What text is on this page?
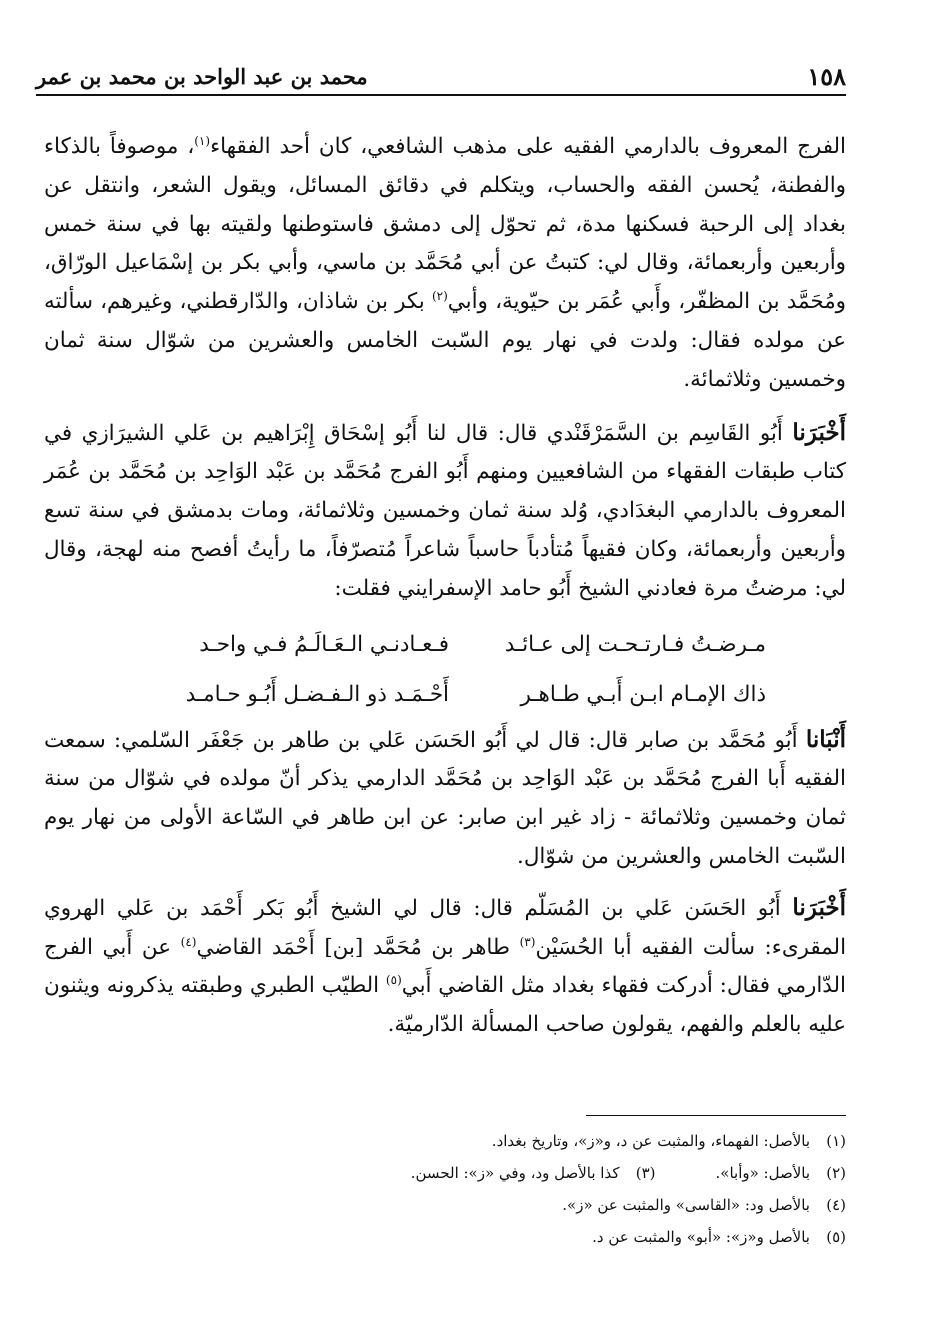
١٥٨
محمد بن عبد الواحد بن محمد بن عمر

الفرج المعروف بالدارمي الفقيه على مذهب الشافعي، كان أحد الفقهاء$^{(١)}$، موصوفاً بالذكاء والفطنة، يُحسن الفقه والحساب، ويتكلم في دقائق المسائل، ويقول الشعر، وانتقل عن بغداد إلى الرحبة فسكنها مدة، ثم تحوّل إلى دمشق فاستوطنها ولقيته بها في سنة خمس وأربعين وأربعمائة، وقال لي: كتبتُ عن أبي مُحَمَّد بن ماسي، وأبي بكر بن إسْمَاعيل الورّاق، ومُحَمَّد بن المظفّر، وأَبي عُمَر بن حيّوية، وأبي$^{(٢)}$ بكر بن شاذان، والدّارقطني، وغيرهم، سألته عن مولده فقال: ولدت في نهار يوم السّبت الخامس والعشرين من شوّال سنة ثمان وخمسين وثلاثمائة.

أَخْبَرَنا أَبُو القَاسِم بن السَّمَرْقَنْدي قال: قال لنا أَبُو إسْحَاق إِبْرَاهيم بن عَلي الشيرَازي في كتاب طبقات الفقهاء من الشافعيين ومنهم أَبُو الفرج مُحَمَّد بن عَبْد الوَاحِد بن مُحَمَّد بن عُمَر المعروف بالدارمي البغدَادي، وُلد سنة ثمان وخمسين وثلاثمائة، ومات بدمشق في سنة تسع وأربعين وأربعمائة، وكان فقيهاً مُتأدباً حاسباً شاعراً مُتصرّفاً، ما رأيتُ أفصح منه لهجة، وقال لي: مرضتُ مرة فعادني الشيخ أَبُو حامد الإسفرايني فقلت:

مـرضـتُ فـارتـحـت إلى عـائـد
فـعـادنـي الـعَـالَـمُ فـي واحـد
ذاك الإمـام ابـن أَبـي طـاهـر
أَحْـمَـد ذو الـفـضـل أَبُـو حـامـد

أَنْبَانا أَبُو مُحَمَّد بن صابر قال: قال لي أَبُو الحَسَن عَلي بن طاهر بن جَعْفَر السّلمي: سمعت الفقيه أَبا الفرج مُحَمَّد بن عَبْد الوَاحِد بن مُحَمَّد الدارمي يذكر أنّ مولده في شوّال من سنة ثمان وخمسين وثلاثمائة - زاد غير ابن صابر: عن ابن طاهر في السّاعة الأولى من نهار يوم السّبت الخامس والعشرين من شوّال.

أَخْبَرَنا أَبُو الحَسَن عَلي بن المُسَلّم قال: قال لي الشيخ أَبُو بَكر أَحْمَد بن عَلي الهروي المقرىء: سألت الفقيه أبا الحُسَيْن$^{(٣)}$ طاهر بن مُحَمَّد [بن] أَحْمَد القاضي$^{(٤)}$ عن أَبي الفرج الدّارمي فقال: أدركت فقهاء بغداد مثل القاضي أَبي$^{(٥)}$ الطيّب الطبري وطبقته يذكرونه ويثنون عليه بالعلم والفهم، يقولون صاحب المسألة الدّارميّة.

(١)
بالأصل: الفهماء، والمثبت عن د، و«ز»، وتاريخ بغداد.
(٢)
بالأصل: «وأبا».
(٣)
كذا بالأصل ود، وفي «ز»: الحسن.
(٤)
بالأصل ود: «القاسى» والمثبت عن «ز».
(٥)
بالأصل و«ز»: «أبو» والمثبت عن د.
